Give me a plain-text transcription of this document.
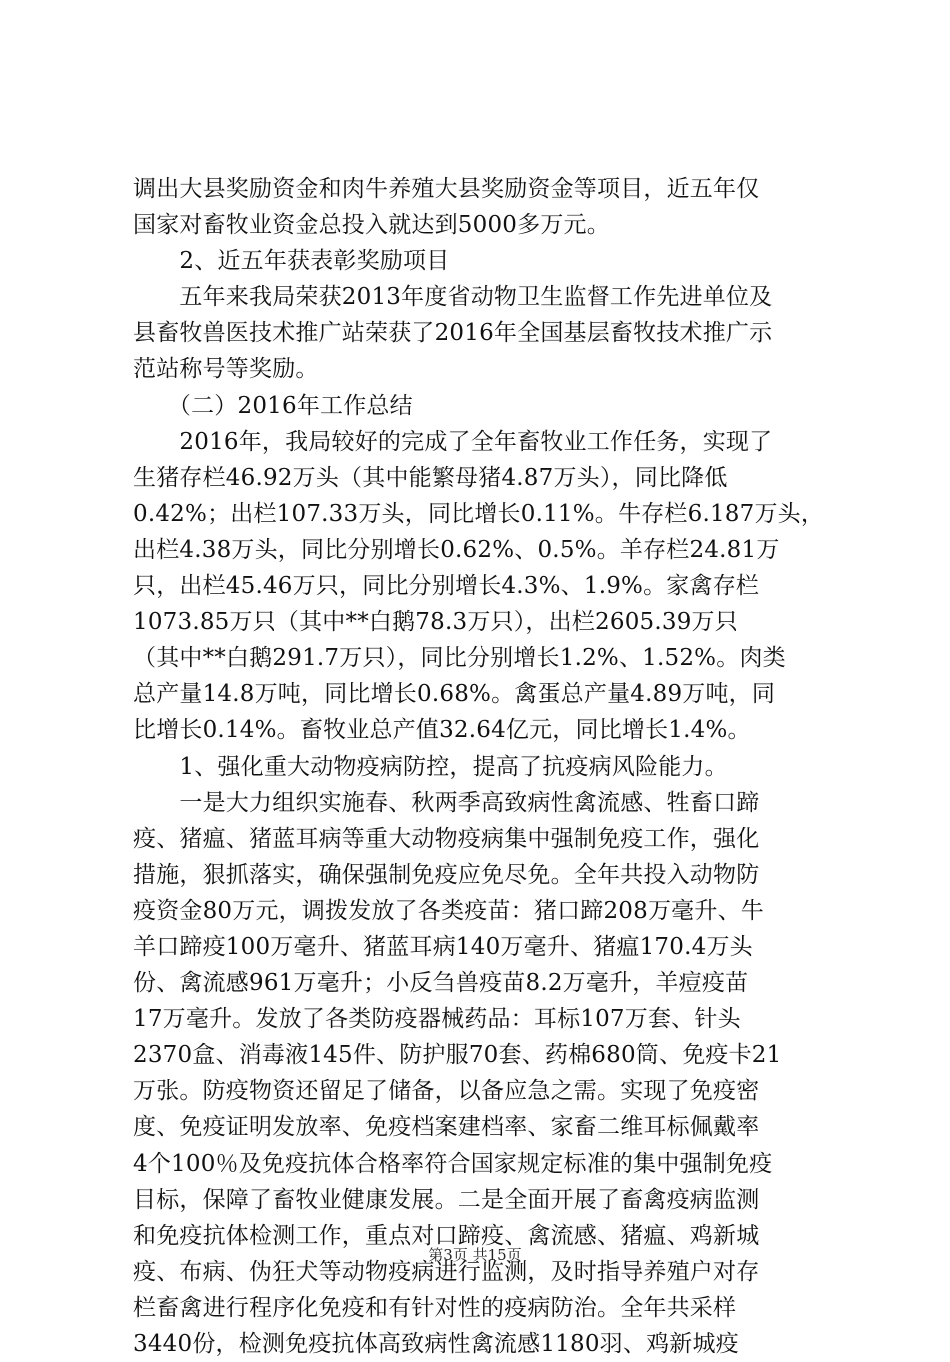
调出大县奖励资金和肉牛养殖大县奖励资金等项目，近五年仅
国家对畜牧业资金总投入就达到5000多万元。
　　2、近五年获表彰奖励项目
　　五年来我局荣获2013年度省动物卫生监督工作先进单位及
县畜牧兽医技术推广站荣获了2016年全国基层畜牧技术推广示
范站称号等奖励。
　　（二）2016年工作总结
　　2016年，我局较好的完成了全年畜牧业工作任务，实现了
生猪存栏46.92万头（其中能繁母猪4.87万头），同比降低
0.42%；出栏107.33万头，同比增长0.11%。牛存栏6.187万头，
出栏4.38万头，同比分别增长0.62%、0.5%。羊存栏24.81万
只，出栏45.46万只，同比分别增长4.3%、1.9%。家禽存栏
1073.85万只（其中**白鹅78.3万只），出栏2605.39万只
（其中**白鹅291.7万只），同比分别增长1.2%、1.52%。肉类
总产量14.8万吨，同比增长0.68%。禽蛋总产量4.89万吨，同
比增长0.14%。畜牧业总产值32.64亿元，同比增长1.4%。
　　1、强化重大动物疫病防控，提高了抗疫病风险能力。
　　一是大力组织实施春、秋两季高致病性禽流感、牲畜口蹄
疫、猪瘟、猪蓝耳病等重大动物疫病集中强制免疫工作，强化
措施，狠抓落实，确保强制免疫应免尽免。全年共投入动物防
疫资金80万元，调拨发放了各类疫苗：猪口蹄208万毫升、牛
羊口蹄疫100万毫升、猪蓝耳病140万毫升、猪瘟170.4万头
份、禽流感961万毫升；小反刍兽疫苗8.2万毫升，羊痘疫苗
17万毫升。发放了各类防疫器械药品：耳标107万套、针头
2370盒、消毒液145件、防护服70套、药棉680筒、免疫卡21
万张。防疫物资还留足了储备，以备应急之需。实现了免疫密
度、免疫证明发放率、免疫档案建档率、家畜二维耳标佩戴率
4个100％及免疫抗体合格率符合国家规定标准的集中强制免疫
目标，保障了畜牧业健康发展。二是全面开展了畜禽疫病监测
和免疫抗体检测工作，重点对口蹄疫、禽流感、猪瘟、鸡新城
疫、布病、伪狂犬等动物疫病进行监测，及时指导养殖户对存
栏畜禽进行程序化免疫和有针对性的疫病防治。全年共采样
3440份，检测免疫抗体高致病性禽流感1180羽、鸡新城疫
第3页 共15页
